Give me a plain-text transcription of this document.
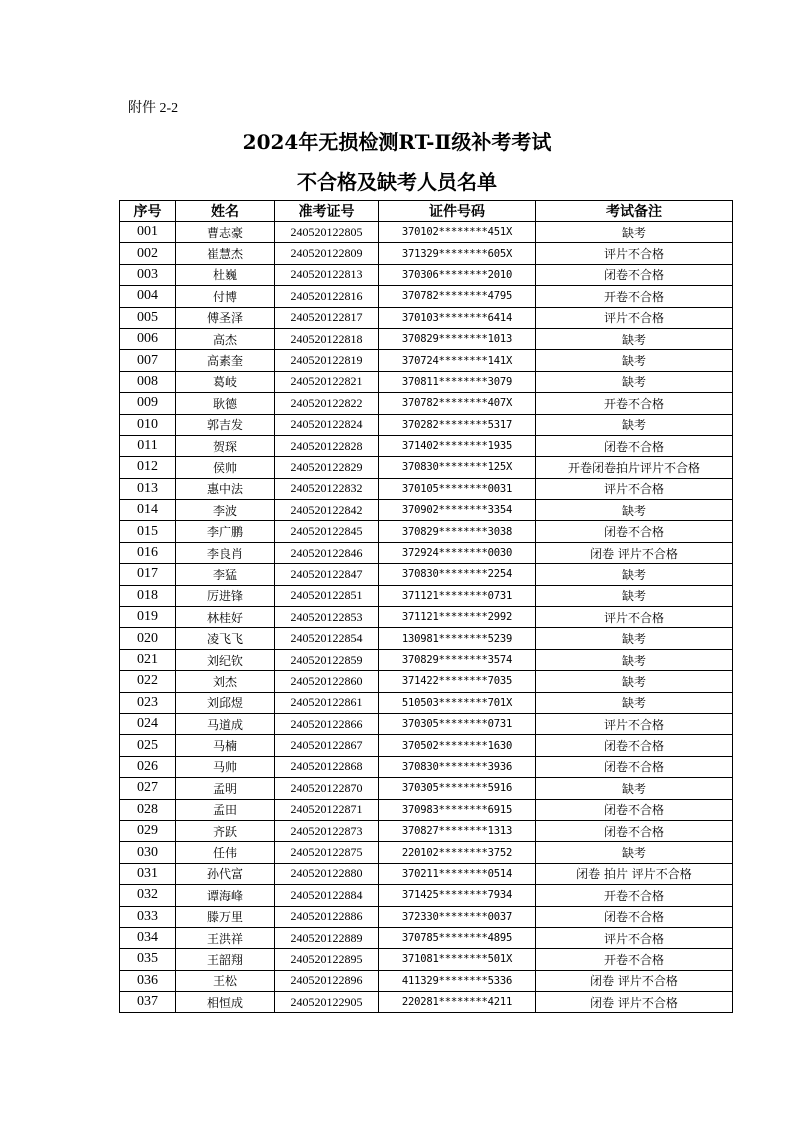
附件 2-2
2024年无损检测RT-Ⅱ级补考考试
不合格及缺考人员名单
序号	姓名	准考证号	证件号码	考试备注
001	曹志豪	240520122805	370102********451X	缺考
002	崔慧杰	240520122809	371329********605X	评片不合格
003	杜巍	240520122813	370306********2010	闭卷不合格
004	付博	240520122816	370782********4795	开卷不合格
005	傅圣泽	240520122817	370103********6414	评片不合格
006	高杰	240520122818	370829********1013	缺考
007	高素奎	240520122819	370724********141X	缺考
008	葛岐	240520122821	370811********3079	缺考
009	耿德	240520122822	370782********407X	开卷不合格
010	郭吉发	240520122824	370282********5317	缺考
011	贺琛	240520122828	371402********1935	闭卷不合格
012	侯帅	240520122829	370830********125X	开卷闭卷拍片评片不合格
013	惠中法	240520122832	370105********0031	评片不合格
014	李波	240520122842	370902********3354	缺考
015	李广鹏	240520122845	370829********3038	闭卷不合格
016	李良肖	240520122846	372924********0030	闭卷 评片不合格
017	李猛	240520122847	370830********2254	缺考
018	厉进锋	240520122851	371121********0731	缺考
019	林桂好	240520122853	371121********2992	评片不合格
020	凌飞飞	240520122854	130981********5239	缺考
021	刘纪钦	240520122859	370829********3574	缺考
022	刘杰	240520122860	371422********7035	缺考
023	刘邱煜	240520122861	510503********701X	缺考
024	马道成	240520122866	370305********0731	评片不合格
025	马楠	240520122867	370502********1630	闭卷不合格
026	马帅	240520122868	370830********3936	闭卷不合格
027	孟明	240520122870	370305********5916	缺考
028	孟田	240520122871	370983********6915	闭卷不合格
029	齐跃	240520122873	370827********1313	闭卷不合格
030	任伟	240520122875	220102********3752	缺考
031	孙代富	240520122880	370211********0514	闭卷 拍片 评片不合格
032	谭海峰	240520122884	371425********7934	开卷不合格
033	滕万里	240520122886	372330********0037	闭卷不合格
034	王洪祥	240520122889	370785********4895	评片不合格
035	王韶翔	240520122895	371081********501X	开卷不合格
036	王松	240520122896	411329********5336	闭卷 评片不合格
037	相恒成	240520122905	220281********4211	闭卷 评片不合格
